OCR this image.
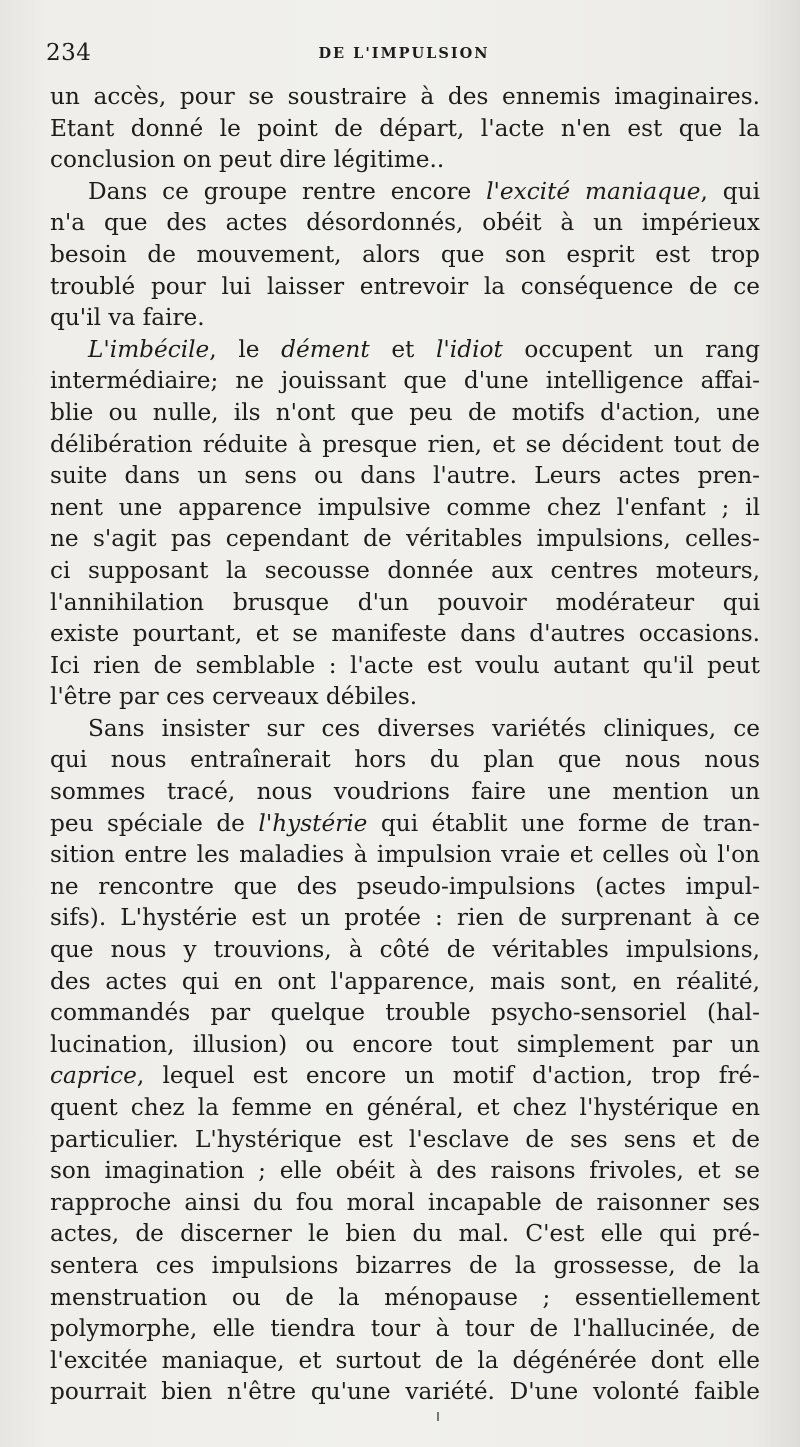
234	DE L'IMPULSION
un accès, pour se soustraire à des ennemis imaginaires.
Etant donné le point de départ, l'acte n'en est que la
conclusion on peut dire légitime..
Dans ce groupe rentre encore l'excité maniaque, qui
n'a que des actes désordonnés, obéit à un impérieux
besoin de mouvement, alors que son esprit est trop
troublé pour lui laisser entrevoir la conséquence de ce
qu'il va faire.
L'imbécile, le dément et l'idiot occupent un rang
intermédiaire; ne jouissant que d'une intelligence affai-
blie ou nulle, ils n'ont que peu de motifs d'action, une
délibération réduite à presque rien, et se décident tout de
suite dans un sens ou dans l'autre. Leurs actes pren-
nent une apparence impulsive comme chez l'enfant ; il
ne s'agit pas cependant de véritables impulsions, celles-
ci supposant la secousse donnée aux centres moteurs,
l'annihilation brusque d'un pouvoir modérateur qui
existe pourtant, et se manifeste dans d'autres occasions.
Ici rien de semblable : l'acte est voulu autant qu'il peut
l'être par ces cerveaux débiles.
Sans insister sur ces diverses variétés cliniques, ce
qui nous entraînerait hors du plan que nous nous
sommes tracé, nous voudrions faire une mention un
peu spéciale de l'hystérie qui établit une forme de tran-
sition entre les maladies à impulsion vraie et celles où l'on
ne rencontre que des pseudo-impulsions (actes impul-
sifs). L'hystérie est un protée : rien de surprenant à ce
que nous y trouvions, à côté de véritables impulsions,
des actes qui en ont l'apparence, mais sont, en réalité,
commandés par quelque trouble psycho-sensoriel (hal-
lucination, illusion) ou encore tout simplement par un
caprice, lequel est encore un motif d'action, trop fré-
quent chez la femme en général, et chez l'hystérique en
particulier. L'hystérique est l'esclave de ses sens et de
son imagination ; elle obéit à des raisons frivoles, et se
rapproche ainsi du fou moral incapable de raisonner ses
actes, de discerner le bien du mal. C'est elle qui pré-
sentera ces impulsions bizarres de la grossesse, de la
menstruation ou de la ménopause ; essentiellement
polymorphe, elle tiendra tour à tour de l'hallucinée, de
l'excitée maniaque, et surtout de la dégénérée dont elle
pourrait bien n'être qu'une variété. D'une volonté faible
